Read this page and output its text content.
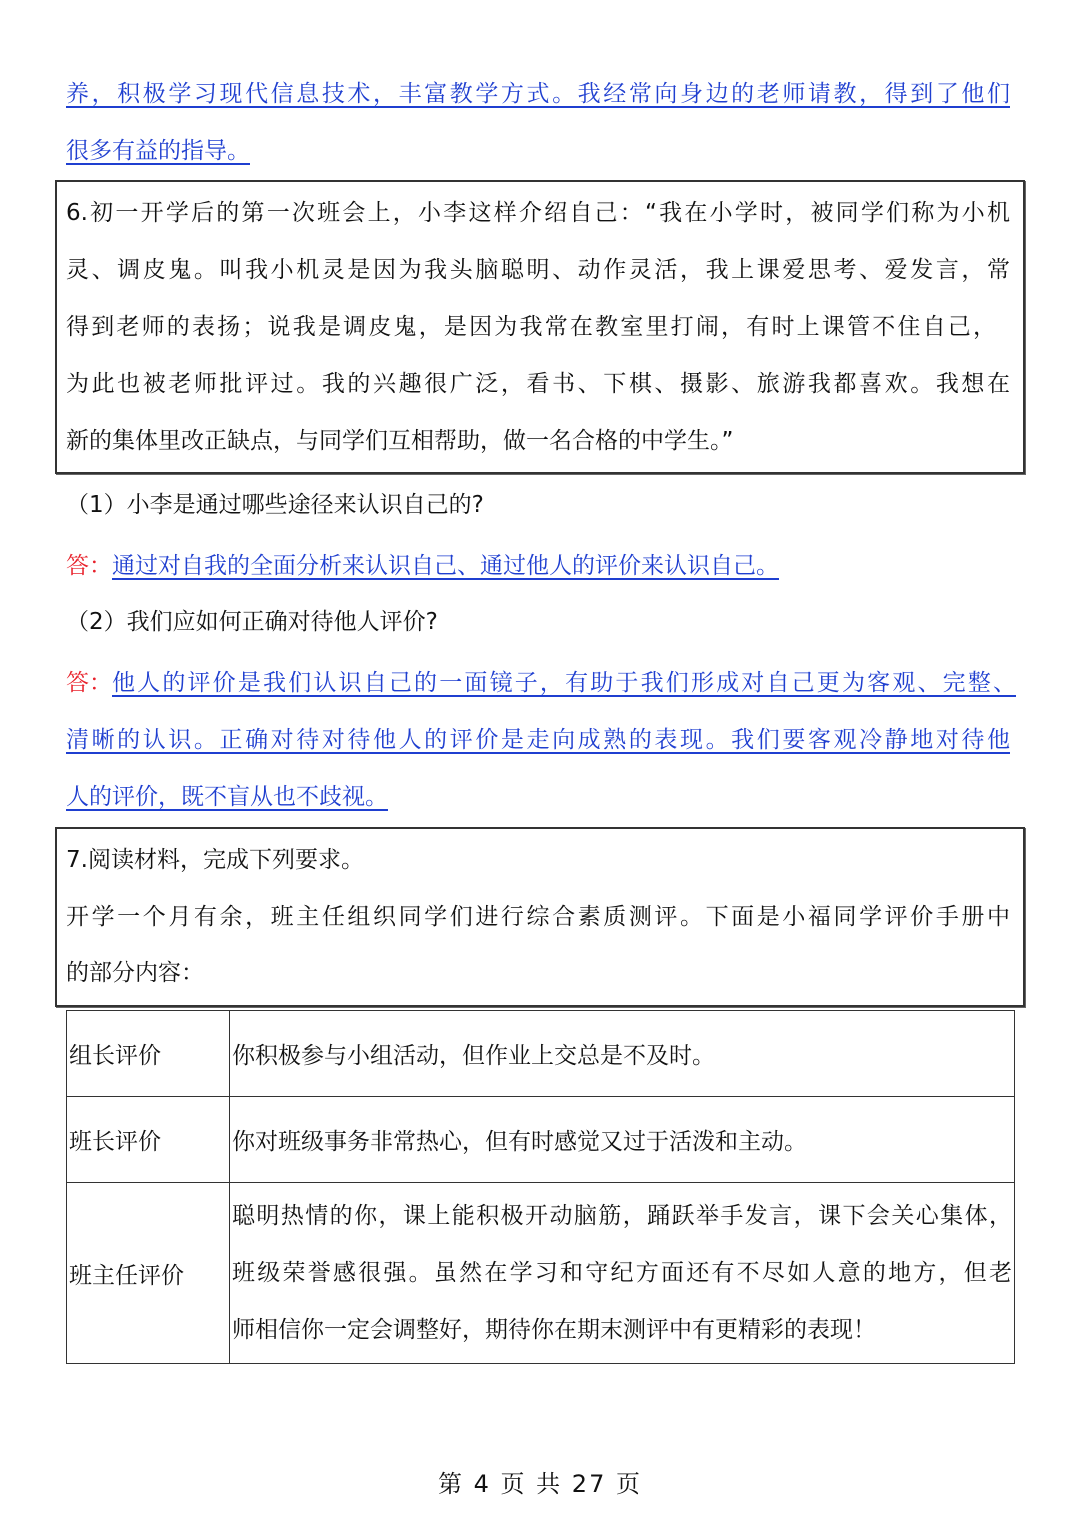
养，积极学习现代信息技术，丰富教学方式。我经常向身边的老师请教，得到了他们
很多有益的指导。
6.初一开学后的第一次班会上，小李这样介绍自己：“我在小学时，被同学们称为小机
灵、调皮鬼。叫我小机灵是因为我头脑聪明、动作灵活，我上课爱思考、爱发言，常
得到老师的表扬；说我是调皮鬼，是因为我常在教室里打闹，有时上课管不住自己，
为此也被老师批评过。我的兴趣很广泛，看书、下棋、摄影、旅游我都喜欢。我想在
新的集体里改正缺点，与同学们互相帮助，做一名合格的中学生。”
（1）小李是通过哪些途径来认识自己的?
答：通过对自我的全面分析来认识自己、通过他人的评价来认识自己。
（2）我们应如何正确对待他人评价?
答： 他人的评价是我们认识自己的一面镜子，有助于我们形成对自己更为客观、完整、
清晰的认识。正确对待对待他人的评价是走向成熟的表现。我们要客观冷静地对待他
人的评价，既不盲从也不歧视。
7.阅读材料，完成下列要求。
开学一个月有余，班主任组织同学们进行综合素质测评。下面是小福同学评价手册中
的部分内容：
组长评价	你积极参与小组活动，但作业上交总是不及时。
班长评价	你对班级事务非常热心，但有时感觉又过于活泼和主动。
班主任评价	聪明热情的你，课上能积极开动脑筋，踊跃举手发言，课下会关心集体，
班级荣誉感很强。虽然在学习和守纪方面还有不尽如人意的地方，但老
师相信你一定会调整好，期待你在期末测评中有更精彩的表现！
第 4 页 共 27 页
